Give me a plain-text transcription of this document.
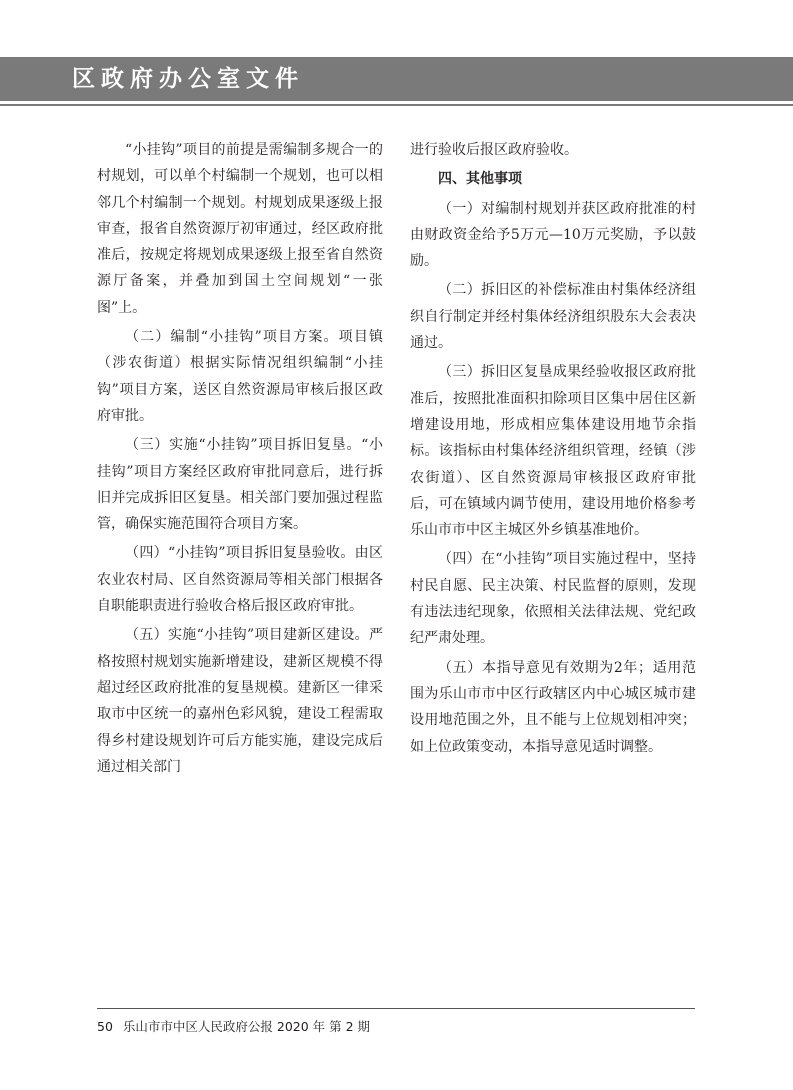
区政府办公室文件

“小挂钩”项目的前提是需编制多规合一的村规划，可以单个村编制一个规划，也可以相邻几个村编制一个规划。村规划成果逐级上报审查，报省自然资源厅初审通过，经区政府批准后，按规定将规划成果逐级上报至省自然资源厅备案，并叠加到国土空间规划“一张图”上。

（二）编制“小挂钩”项目方案。项目镇（涉农街道）根据实际情况组织编制“小挂钩”项目方案，送区自然资源局审核后报区政府审批。

（三）实施“小挂钩”项目拆旧复垦。“小挂钩”项目方案经区政府审批同意后，进行拆旧并完成拆旧区复垦。相关部门要加强过程监管，确保实施范围符合项目方案。

（四）“小挂钩”项目拆旧复垦验收。由区农业农村局、区自然资源局等相关部门根据各自职能职责进行验收合格后报区政府审批。

（五）实施“小挂钩”项目建新区建设。严格按照村规划实施新增建设，建新区规模不得超过经区政府批准的复垦规模。建新区一律采取市中区统一的嘉州色彩风貌，建设工程需取得乡村建设规划许可后方能实施，建设完成后通过相关部门

进行验收后报区政府验收。

四、其他事项

（一）对编制村规划并获区政府批准的村由财政资金给予5万元—10万元奖励，予以鼓励。

（二）拆旧区的补偿标准由村集体经济组织自行制定并经村集体经济组织股东大会表决通过。

（三）拆旧区复垦成果经验收报区政府批准后，按照批准面积扣除项目区集中居住区新增建设用地，形成相应集体建设用地节余指标。该指标由村集体经济组织管理，经镇（涉农街道）、区自然资源局审核报区政府审批后，可在镇域内调节使用，建设用地价格参考乐山市市中区主城区外乡镇基准地价。

（四）在“小挂钩”项目实施过程中，坚持村民自愿、民主决策、村民监督的原则，发现有违法违纪现象，依照相关法律法规、党纪政纪严肃处理。

（五）本指导意见有效期为2年；适用范围为乐山市市中区行政辖区内中心城区城市建设用地范围之外，且不能与上位规划相冲突；如上位政策变动，本指导意见适时调整。

50 乐山市市中区人民政府公报 2020 年 第 2 期
